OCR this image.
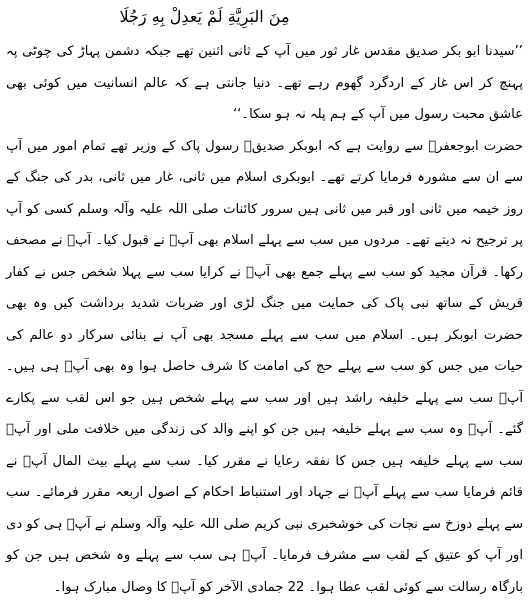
مِنَ البَرِيَّةِ لَمْ يَعدِلْ بِهِ رَجُلَا

’’سیدنا ابو بکر صدیق مقدس غار ثور میں آپ کے ثانی اثنین تھے جبکہ دشمن پہاڑ کی چوٹی پہ پہنچ کر اس غار کے اردگرد گھوم رہے تھے۔ دنیا جانتی ہے کہ عالم انسانیت میں کوئی بھی عاشق محبت رسول میں آپ کے ہم پلہ نہ ہو سکا۔‘‘

حضرت ابوجعفرؓ سے روایت ہے کہ ابوبکر صدیقؓ رسول پاک کے وزیر تھے تمام امور میں آپ سے ان سے مشورہ فرمایا کرتے تھے۔ ابوبکری اسلام میں ثانی، غار میں ثانی، بدر کی جنگ کے روز خیمہ میں ثانی اور قبر میں ثانی ہیں سرور کائنات صلی اللہ علیہ وآلہ وسلم کسی کو آپ پر ترجیح نہ دیتے تھے۔ مردوں میں سب سے پہلے اسلام بھی آپؓ نے قبول کیا۔ آپؓ نے مصحف رکھا۔ قرآن مجید کو سب سے پہلے جمع بھی آپؓ نے کرایا سب سے پہلا شخص جس نے کفار قریش کے ساتھ نبی پاک کی حمایت میں جنگ لڑی اور ضربات شدید برداشت کیں وہ بھی حضرت ابوبکر ہیں۔ اسلام میں سب سے پہلے مسجد بھی آپ نے بنائی سرکار دو عالم کی حیات میں جس کو سب سے پہلے حج کی امامت کا شرف حاصل ہوا وہ بھی آپؓ ہی ہیں۔ آپؓ سب سے پہلے خلیفہ راشد ہیں اور سب سے پہلے شخص ہیں جو اس لقب سے پکارے گئے۔ آپؓ وہ سب سے پہلے خلیفہ ہیں جن کو اپنے والد کی زندگی میں خلافت ملی اور آپؓ سب سے پہلے خلیفہ ہیں جس کا نفقہ رعایا نے مقرر کیا۔ سب سے پہلے بیت المال آپؓ نے قائم فرمایا سب سے پہلے آپؓ نے جہاد اور استنباط احکام کے اصول اربعہ مقرر فرمائے۔ سب سے پہلے دوزخ سے نجات کی خوشخبری نبی کریم صلی اللہ علیہ وآلہ وسلم نے آپؓ ہی کو دی اور آپ کو عتیق کے لقب سے مشرف فرمایا۔ آپؓ ہی سب سے پہلے وہ شخص ہیں جن کو بارگاہ رسالت سے کوئی لقب عطا ہوا۔ 22 جمادی الآخر کو آپؓ کا وصال مبارک ہوا۔
